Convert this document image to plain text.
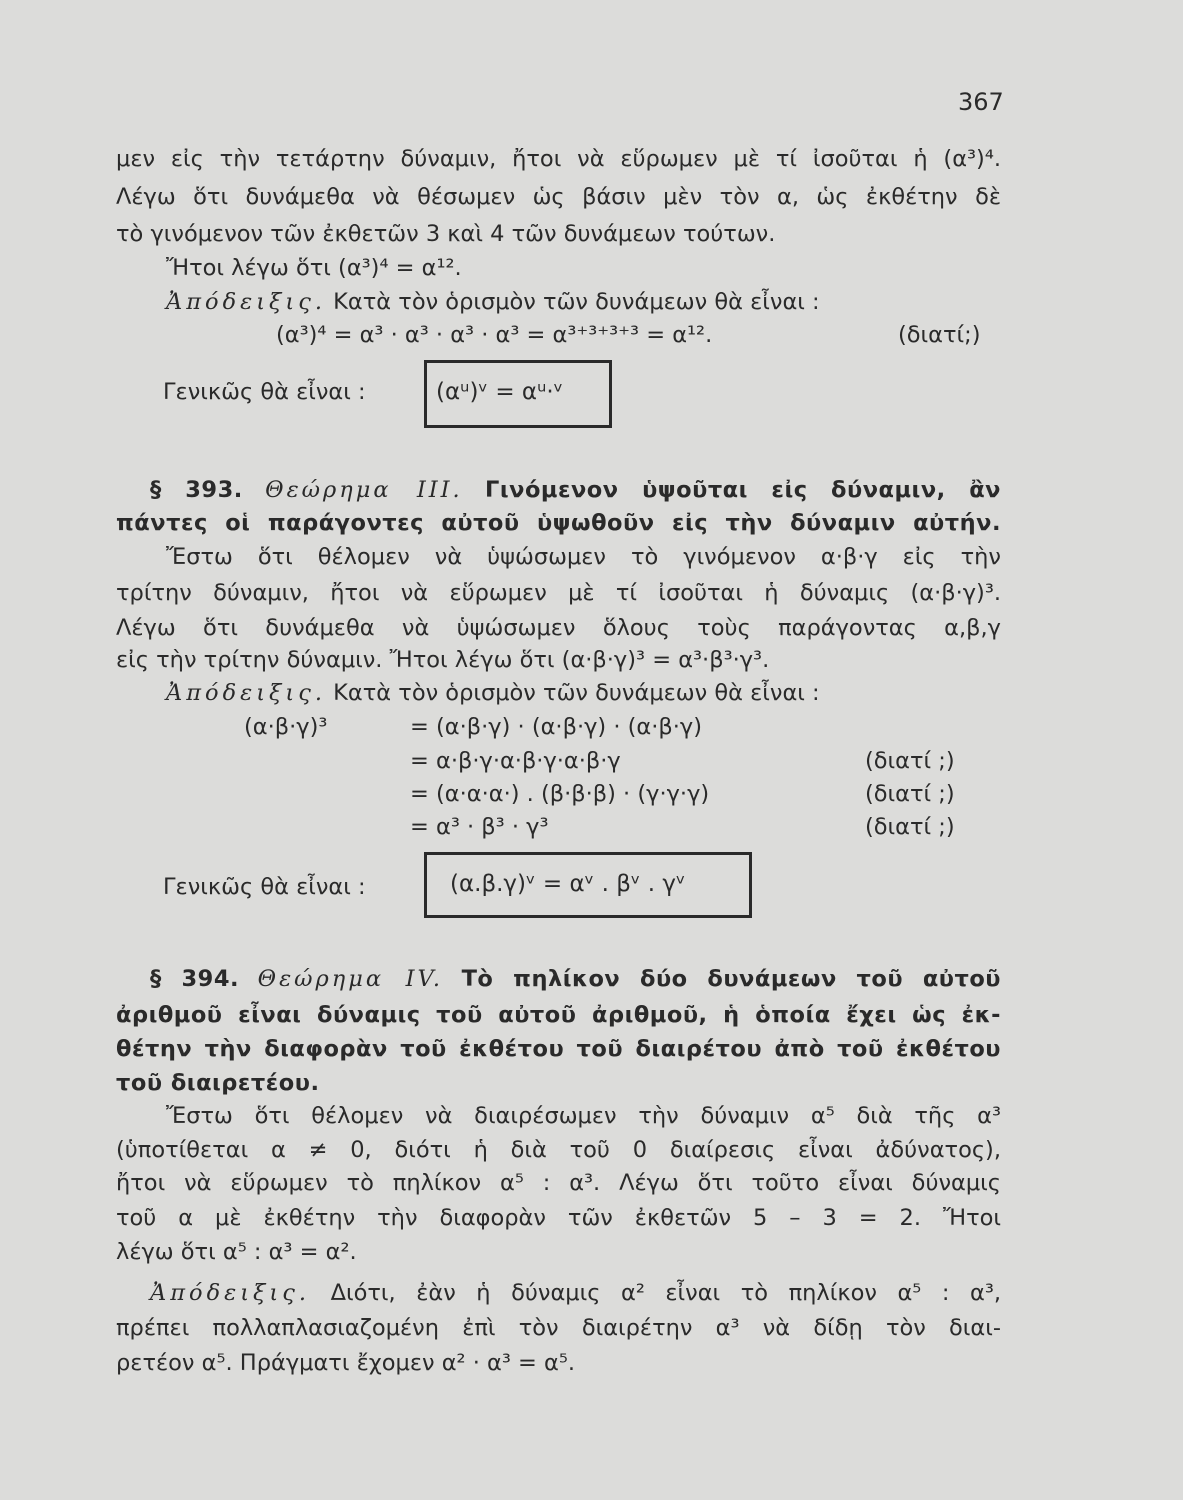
367
μεν εἰς τὴν τετάρτην δύναμιν, ἤτοι νὰ εὕρωμεν μὲ τί ἰσοῦται ἡ (α³)⁴.
Λέγω ὅτι δυνάμεθα νὰ θέσωμεν ὡς βάσιν μὲν τὸν α, ὡς ἐκθέτην δὲ
τὸ γινόμενον τῶν ἐκθετῶν 3 καὶ 4 τῶν δυνάμεων τούτων.
Ἤτοι λέγω ὅτι (α³)⁴ = α¹².
Ἀπόδειξις. Κατὰ τὸν ὁρισμὸν τῶν δυνάμεων θὰ εἶναι :
(α³)⁴ = α³ · α³ · α³ · α³ = α³⁺³⁺³⁺³ = α¹².	(διατί;)
Γενικῶς θὰ εἶναι :	(αᵘ)ᵛ = αᵘ·ᵛ
§ 393. Θεώρημα III. Γινόμενον ὑψοῦται εἰς δύναμιν, ἂν
πάντες οἱ παράγοντες αὐτοῦ ὑψωθοῦν εἰς τὴν δύναμιν αὐτήν.
Ἔστω ὅτι θέλομεν νὰ ὑψώσωμεν τὸ γινόμενον α·β·γ εἰς τὴν
τρίτην δύναμιν, ἤτοι νὰ εὕρωμεν μὲ τί ἰσοῦται ἡ δύναμις (α·β·γ)³.
Λέγω ὅτι δυνάμεθα νὰ ὑψώσωμεν ὅλους τοὺς παράγοντας α,β,γ
εἰς τὴν τρίτην δύναμιν. Ἤτοι λέγω ὅτι (α·β·γ)³ = α³·β³·γ³.
Ἀπόδειξις. Κατὰ τὸν ὁρισμὸν τῶν δυνάμεων θὰ εἶναι :
(α·β·γ)³	= (α·β·γ) · (α·β·γ) · (α·β·γ)
= α·β·γ·α·β·γ·α·β·γ	(διατί ;)
= (α·α·α·) . (β·β·β) · (γ·γ·γ)	(διατί ;)
= α³ · β³ · γ³	(διατί ;)
Γενικῶς θὰ εἶναι :	(α.β.γ)ᵛ = αᵛ . βᵛ . γᵛ
§ 394. Θεώρημα IV. Τὸ πηλίκον δύο δυνάμεων τοῦ αὐτοῦ
ἀριθμοῦ εἶναι δύναμις τοῦ αὐτοῦ ἀριθμοῦ, ἡ ὁποία ἔχει ὡς ἐκ-
θέτην τὴν διαφορὰν τοῦ ἐκθέτου τοῦ διαιρέτου ἀπὸ τοῦ ἐκθέτου
τοῦ διαιρετέου.
Ἔστω ὅτι θέλομεν νὰ διαιρέσωμεν τὴν δύναμιν α⁵ διὰ τῆς α³
(ὑποτίθεται α ≠ 0, διότι ἡ διὰ τοῦ 0 διαίρεσις εἶναι ἀδύνατος),
ἤτοι νὰ εὕρωμεν τὸ πηλίκον α⁵ : α³. Λέγω ὅτι τοῦτο εἶναι δύναμις
τοῦ α μὲ ἐκθέτην τὴν διαφορὰν τῶν ἐκθετῶν 5 – 3 = 2. Ἤτοι
λέγω ὅτι α⁵ : α³ = α².
Ἀπόδειξις. Διότι, ἐὰν ἡ δύναμις α² εἶναι τὸ πηλίκον α⁵ : α³,
πρέπει πολλαπλασιαζομένη ἐπὶ τὸν διαιρέτην α³ νὰ δίδῃ τὸν διαι-
ρετέον α⁵. Πράγματι ἔχομεν α² · α³ = α⁵.
